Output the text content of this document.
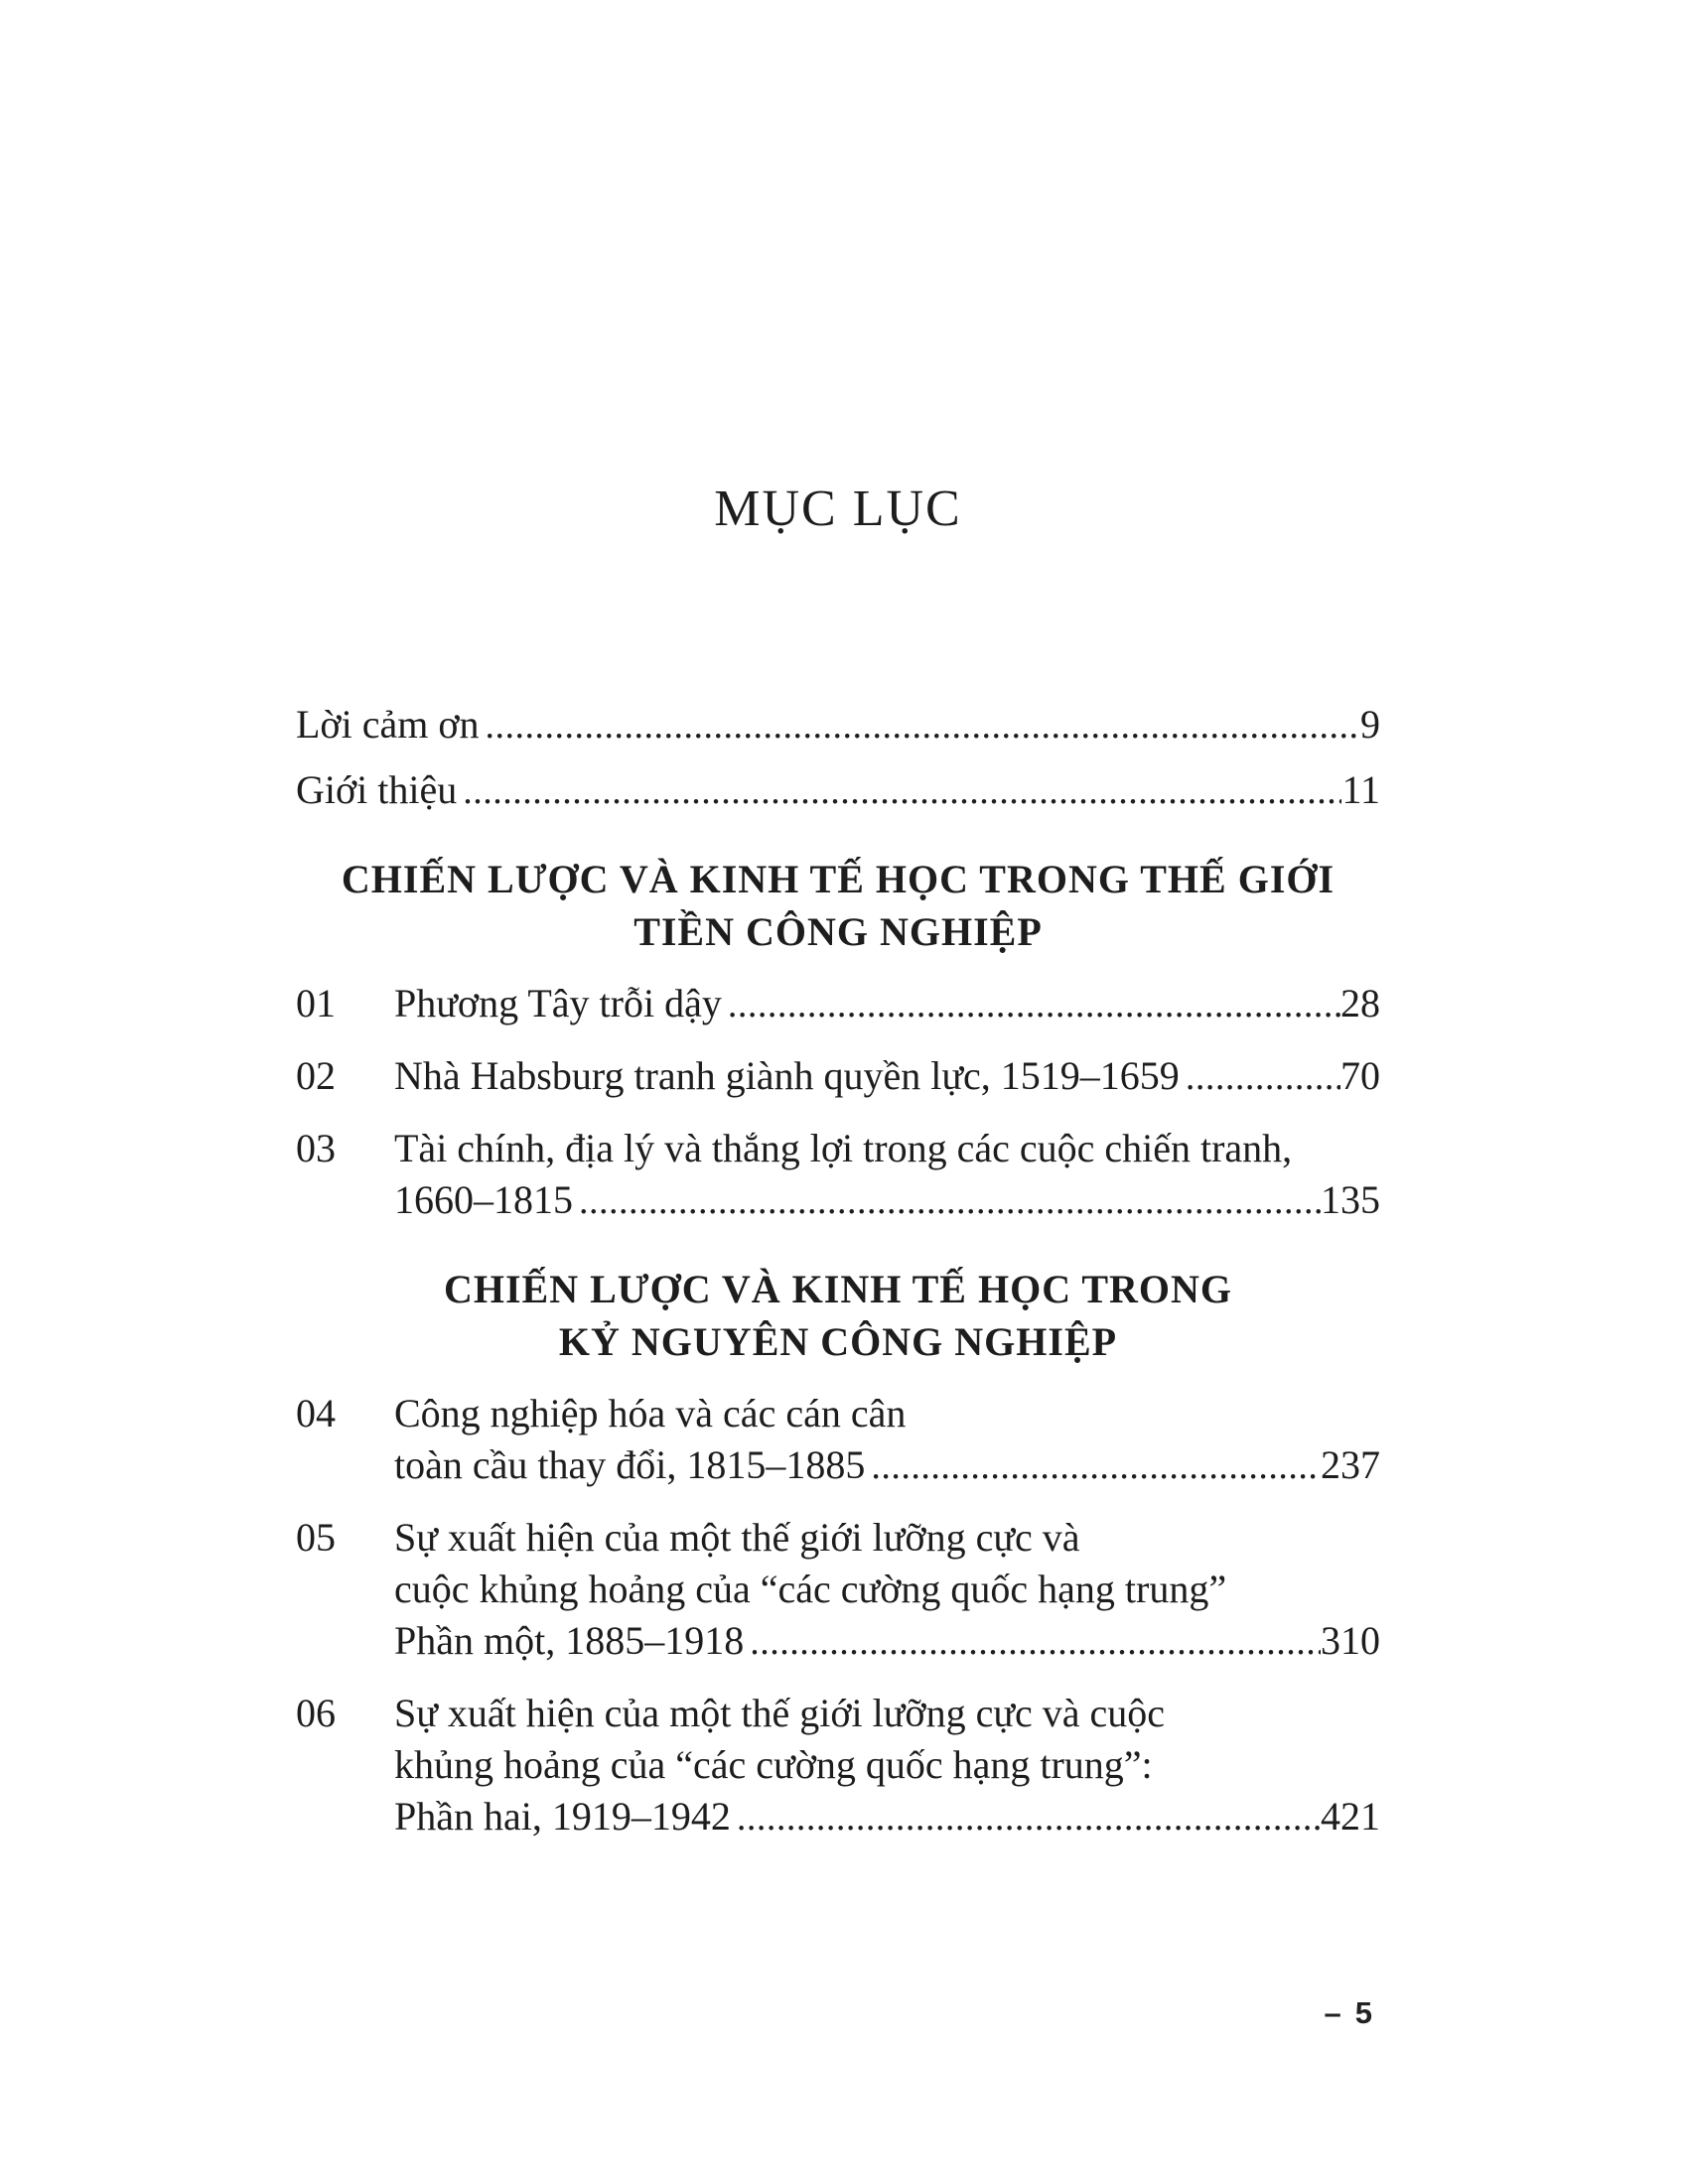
MỤC LỤC
Lời cảm ơn .....	9
Giới thiệu .....	11
CHIẾN LƯỢC VÀ KINH TẾ HỌC TRONG THẾ GIỚI
TIỀN CÔNG NGHIỆP
01	Phương Tây trỗi dậy .....	28
02	Nhà Habsburg tranh giành quyền lực, 1519–1659 .....	70
03	Tài chính, địa lý và thắng lợi trong các cuộc chiến tranh,
1660–1815 .....	135
CHIẾN LƯỢC VÀ KINH TẾ HỌC TRONG
KỶ NGUYÊN CÔNG NGHIỆP
04	Công nghiệp hóa và các cán cân
toàn cầu thay đổi, 1815–1885 .....	237
05	Sự xuất hiện của một thế giới lưỡng cực và
cuộc khủng hoảng của “các cường quốc hạng trung”
Phần một, 1885–1918 .....	310
06	Sự xuất hiện của một thế giới lưỡng cực và cuộc
khủng hoảng của “các cường quốc hạng trung”:
Phần hai, 1919–1942 .....	421
– 5
